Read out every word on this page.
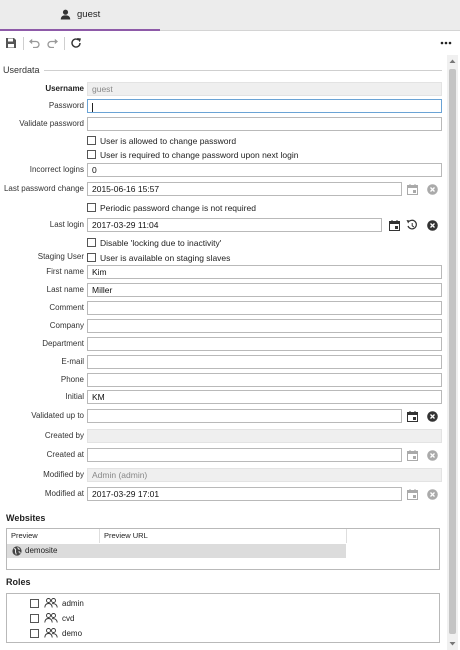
guest
Userdata
Username guest
Password
Validate password
User is allowed to change password
User is required to change password upon next login
Incorrect logins 0
Last password change 2015-06-16 15:57
Periodic password change is not required
Last login 2017-03-29 11:04
Disable 'locking due to inactivity'
Staging User User is available on staging slaves
First name Kim
Last name Miller
Comment
Company
Department
E-mail
Phone
Initial KM
Validated up to
Created by
Created at
Modified by Admin (admin)
Modified at 2017-03-29 17:01
Websites
Preview	Preview URL
demosite
Roles
admin
cvd
demo
